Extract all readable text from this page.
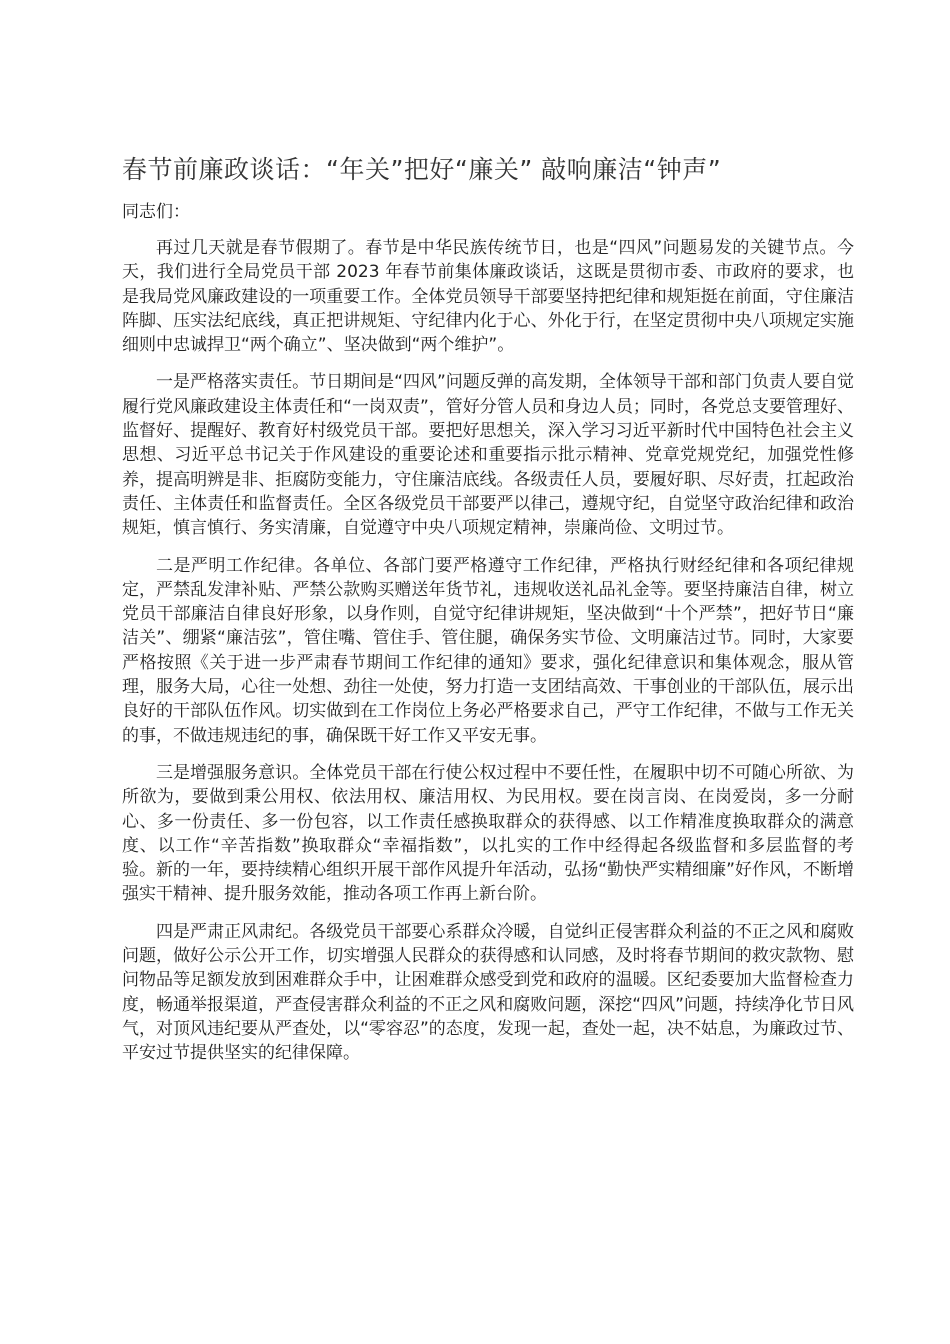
春节前廉政谈话：“年关”把好“廉关” 敲响廉洁“钟声”

同志们：

再过几天就是春节假期了。春节是中华民族传统节日，也是“四风”问题易发的关键节点。今天，我们进行全局党员干部 2023 年春节前集体廉政谈话，这既是贯彻市委、市政府的要求，也是我局党风廉政建设的一项重要工作。全体党员领导干部要坚持把纪律和规矩挺在前面，守住廉洁阵脚、压实法纪底线，真正把讲规矩、守纪律内化于心、外化于行，在坚定贯彻中央八项规定实施细则中忠诚捍卫“两个确立”、坚决做到“两个维护”。

一是严格落实责任。节日期间是“四风”问题反弹的高发期，全体领导干部和部门负责人要自觉履行党风廉政建设主体责任和“一岗双责”，管好分管人员和身边人员；同时，各党总支要管理好、监督好、提醒好、教育好村级党员干部。要把好思想关，深入学习习近平新时代中国特色社会主义思想、习近平总书记关于作风建设的重要论述和重要指示批示精神、党章党规党纪，加强党性修养，提高明辨是非、拒腐防变能力，守住廉洁底线。各级责任人员，要履好职、尽好责，扛起政治责任、主体责任和监督责任。全区各级党员干部要严以律己，遵规守纪，自觉坚守政治纪律和政治规矩，慎言慎行、务实清廉，自觉遵守中央八项规定精神，崇廉尚俭、文明过节。

二是严明工作纪律。各单位、各部门要严格遵守工作纪律，严格执行财经纪律和各项纪律规定，严禁乱发津补贴、严禁公款购买赠送年货节礼，违规收送礼品礼金等。要坚持廉洁自律，树立党员干部廉洁自律良好形象，以身作则，自觉守纪律讲规矩，坚决做到“十个严禁”，把好节日“廉洁关”、绷紧“廉洁弦”，管住嘴、管住手、管住腿，确保务实节俭、文明廉洁过节。同时，大家要严格按照《关于进一步严肃春节期间工作纪律的通知》要求，强化纪律意识和集体观念，服从管理，服务大局，心往一处想、劲往一处使，努力打造一支团结高效、干事创业的干部队伍，展示出良好的干部队伍作风。切实做到在工作岗位上务必严格要求自己，严守工作纪律，不做与工作无关的事，不做违规违纪的事，确保既干好工作又平安无事。

三是增强服务意识。全体党员干部在行使公权过程中不要任性，在履职中切不可随心所欲、为所欲为，要做到秉公用权、依法用权、廉洁用权、为民用权。要在岗言岗、在岗爱岗，多一分耐心、多一份责任、多一份包容，以工作责任感换取群众的获得感、以工作精准度换取群众的满意度、以工作“辛苦指数”换取群众“幸福指数”，以扎实的工作中经得起各级监督和多层监督的考验。新的一年，要持续精心组织开展干部作风提升年活动，弘扬“勤快严实精细廉”好作风，不断增强实干精神、提升服务效能，推动各项工作再上新台阶。

四是严肃正风肃纪。各级党员干部要心系群众冷暖，自觉纠正侵害群众利益的不正之风和腐败问题，做好公示公开工作，切实增强人民群众的获得感和认同感，及时将春节期间的救灾款物、慰问物品等足额发放到困难群众手中，让困难群众感受到党和政府的温暖。区纪委要加大监督检查力度，畅通举报渠道，严查侵害群众利益的不正之风和腐败问题，深挖“四风”问题，持续净化节日风气，对顶风违纪要从严查处，以“零容忍”的态度，发现一起，查处一起，决不姑息，为廉政过节、平安过节提供坚实的纪律保障。
